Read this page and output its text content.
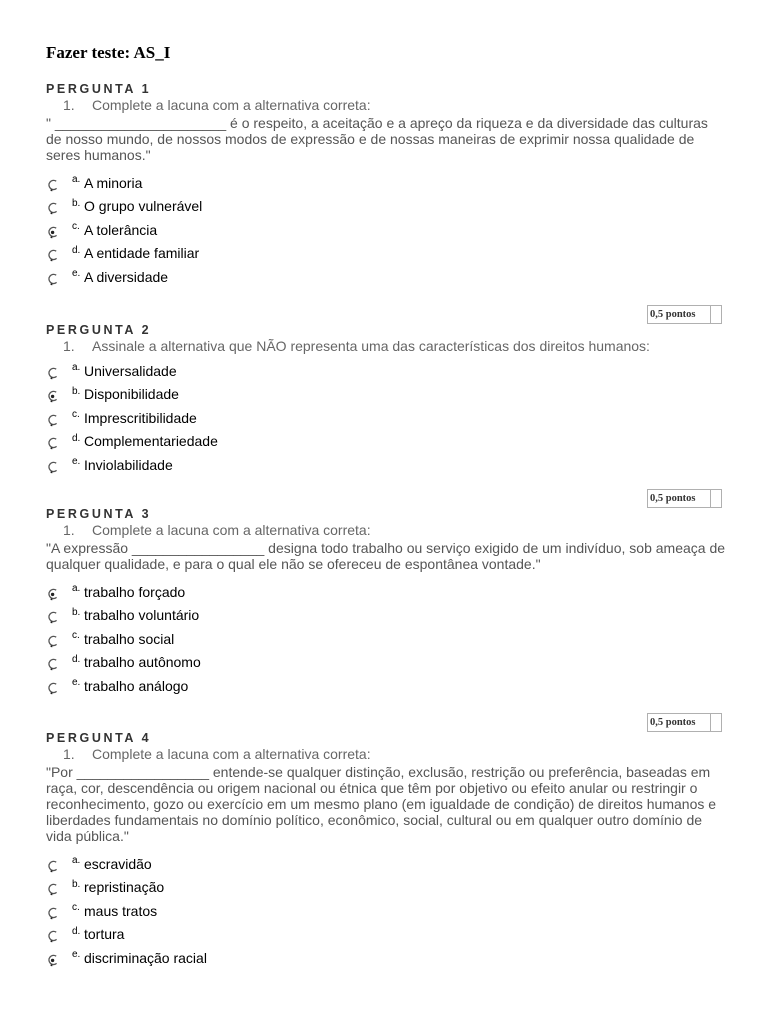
Fazer teste: AS_I
PERGUNTA 1
1. Complete a lacuna com a alternativa correta:
" ______________________ é o respeito, a aceitação e a apreço da riqueza e da diversidade das culturas de nosso mundo, de nossos modos de expressão e de nossas maneiras de exprimir nossa qualidade de seres humanos."
a. A minoria
b. O grupo vulnerável
c. A tolerância
d. A entidade familiar
e. A diversidade
0,5 pontos
PERGUNTA 2
1. Assinale a alternativa que NÃO representa uma das características dos direitos humanos:
a. Universalidade
b. Disponibilidade
c. Imprescritibilidade
d. Complementariedade
e. Inviolabilidade
0,5 pontos
PERGUNTA 3
1. Complete a lacuna com a alternativa correta:
"A expressão _________________ designa todo trabalho ou serviço exigido de um indivíduo, sob ameaça de qualquer qualidade, e para o qual ele não se ofereceu de espontânea vontade."
a. trabalho forçado
b. trabalho voluntário
c. trabalho social
d. trabalho autônomo
e. trabalho análogo
0,5 pontos
PERGUNTA 4
1. Complete a lacuna com a alternativa correta:
"Por _________________ entende-se qualquer distinção, exclusão, restrição ou preferência, baseadas em raça, cor, descendência ou origem nacional ou étnica que têm por objetivo ou efeito anular ou restringir o reconhecimento, gozo ou exercício em um mesmo plano (em igualdade de condição) de direitos humanos e liberdades fundamentais no domínio político, econômico, social, cultural ou em qualquer outro domínio de vida pública."
a. escravidão
b. repristinação
c. maus tratos
d. tortura
e. discriminação racial
